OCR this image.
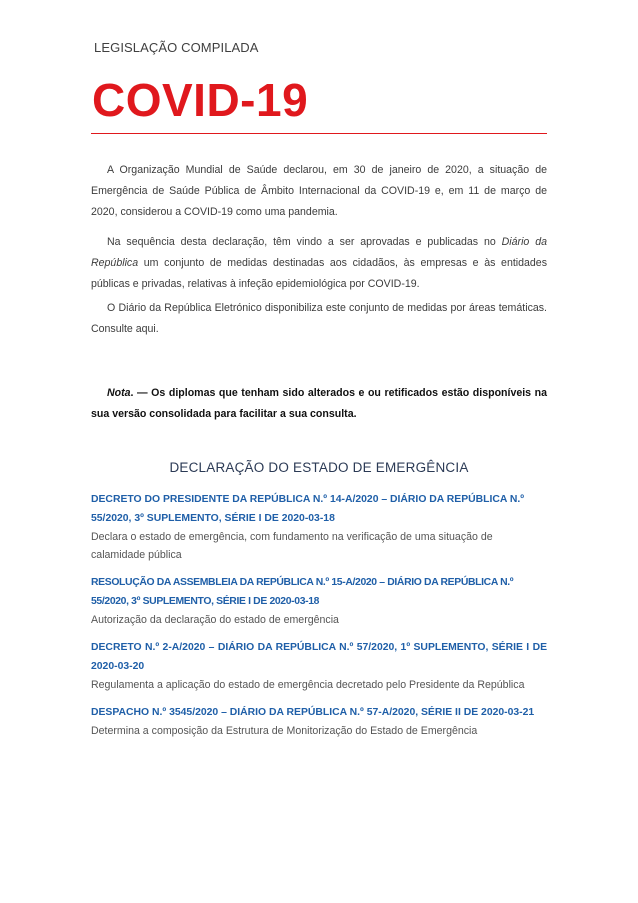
LEGISLAÇÃO COMPILADA
COVID-19

A Organização Mundial de Saúde declarou, em 30 de janeiro de 2020, a situação de Emergência de Saúde Pública de Âmbito Internacional da COVID-19 e, em 11 de março de 2020, considerou a COVID-19 como uma pandemia.

Na sequência desta declaração, têm vindo a ser aprovadas e publicadas no Diário da República um conjunto de medidas destinadas aos cidadãos, às empresas e às entidades públicas e privadas, relativas à infeção epidemiológica por COVID-19.

O Diário da República Eletrónico disponibiliza este conjunto de medidas por áreas temáticas. Consulte aqui.

Nota. — Os diplomas que tenham sido alterados e ou retificados estão disponíveis na sua versão consolidada para facilitar a sua consulta.

DECLARAÇÃO DO ESTADO DE EMERGÊNCIA

DECRETO DO PRESIDENTE DA REPÚBLICA N.º 14-A/2020 – DIÁRIO DA REPÚBLICA N.º 55/2020, 3º SUPLEMENTO, SÉRIE I DE 2020-03-18

Declara o estado de emergência, com fundamento na verificação de uma situação de calamidade pública

RESOLUÇÃO DA ASSEMBLEIA DA REPÚBLICA N.º 15-A/2020 – DIÁRIO DA REPÚBLICA N.º 55/2020, 3º SUPLEMENTO, SÉRIE I DE 2020-03-18

Autorização da declaração do estado de emergência

DECRETO N.º 2-A/2020 – DIÁRIO DA REPÚBLICA N.º 57/2020, 1º SUPLEMENTO, SÉRIE I DE 2020-03-20

Regulamenta a aplicação do estado de emergência decretado pelo Presidente da República

DESPACHO N.º 3545/2020 – DIÁRIO DA REPÚBLICA N.º 57-A/2020, SÉRIE II DE 2020-03-21

Determina a composição da Estrutura de Monitorização do Estado de Emergência
